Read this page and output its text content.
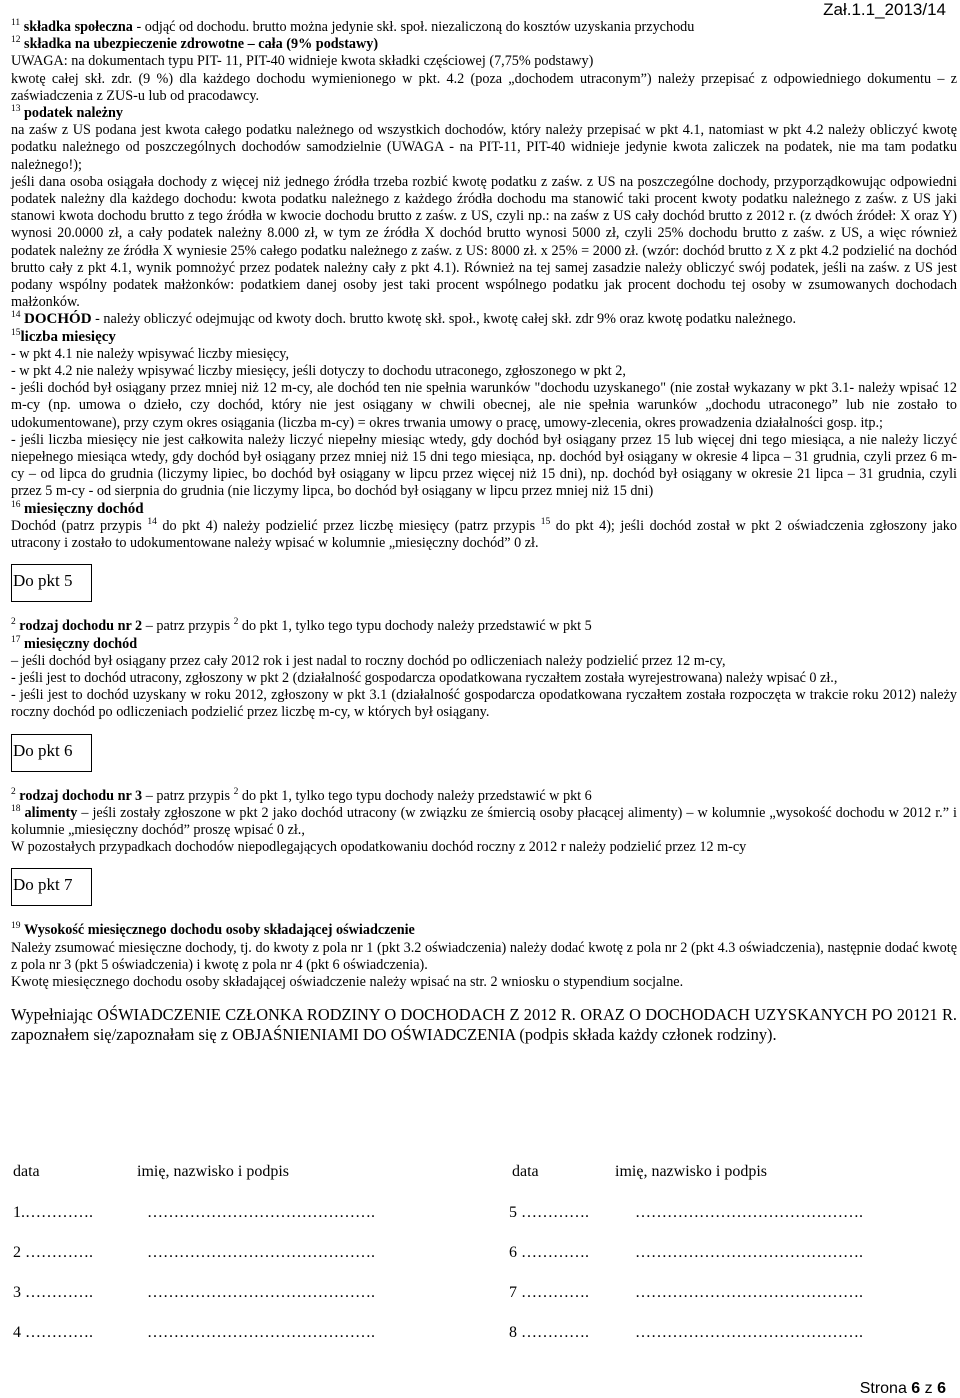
Zał.1.1_2013/14

$^{11}$ składka społeczna - odjąć od dochodu. brutto można jedynie skł. społ. niezaliczoną do kosztów uzyskania przychodu

$^{12}$ składka na ubezpieczenie zdrowotne – cała (9% podstawy)

UWAGA: na dokumentach typu PIT- 11, PIT-40 widnieje kwota składki częściowej (7,75% podstawy)

kwotę całej skł. zdr. (9 %) dla każdego dochodu wymienionego w pkt. 4.2 (poza „dochodem utraconym”) należy przepisać z odpowiedniego dokumentu – z zaświadczenia z ZUS-u lub od pracodawcy.

$^{13}$ podatek należny

na zaśw z US podana jest kwota całego podatku należnego od wszystkich dochodów, który należy przepisać w pkt 4.1, natomiast w pkt 4.2 należy obliczyć kwotę podatku należnego od poszczególnych dochodów samodzielnie (UWAGA - na PIT-11, PIT-40 widnieje jedynie kwota zaliczek na podatek, nie ma tam podatku należnego!);

jeśli dana osoba osiągała dochody z więcej niż jednego źródła trzeba rozbić kwotę podatku z zaśw. z US na poszczególne dochody, przyporządkowując odpowiedni podatek należny dla każdego dochodu: kwota podatku należnego z każdego źródła dochodu ma stanowić taki procent kwoty podatku należnego z zaśw. z US jaki stanowi kwota dochodu brutto z tego źródła w kwocie dochodu brutto z zaśw. z US, czyli np.: na zaśw z US cały dochód brutto z 2012 r. (z dwóch źródeł: X oraz Y) wynosi 20.0000 zł, a cały podatek należny 8.000 zł, w tym ze źródła X dochód brutto wynosi 5000 zł, czyli 25% dochodu brutto z zaśw. z US, a więc również podatek należny ze źródła X wyniesie 25% całego podatku należnego z zaśw. z US: 8000 zł. x 25% = 2000 zł. (wzór: dochód brutto z X z pkt 4.2 podzielić na dochód brutto cały z pkt 4.1, wynik pomnożyć przez podatek należny cały z pkt 4.1). Również na tej samej zasadzie należy obliczyć swój podatek, jeśli na zaśw. z US jest podany wspólny podatek małżonków: podatkiem danej osoby jest taki procent wspólnego podatku jak procent dochodu tej osoby w zsumowanych dochodach małżonków.

$^{14}$ DOCHÓD - należy obliczyć odejmując od kwoty doch. brutto kwotę skł. społ., kwotę całej skł. zdr 9% oraz kwotę podatku należnego.

$^{15}$liczba miesięcy

- w pkt 4.1 nie należy wpisywać liczby miesięcy,

- w pkt 4.2 nie należy wpisywać liczby miesięcy, jeśli dotyczy to dochodu utraconego, zgłoszonego w pkt 2,

- jeśli dochód był osiągany przez mniej niż 12 m-cy, ale dochód ten nie spełnia warunków "dochodu uzyskanego" (nie został wykazany w pkt 3.1- należy wpisać 12 m-cy (np. umowa o dzieło, czy dochód, który nie jest osiągany w chwili obecnej, ale nie spełnia warunków „dochodu utraconego” lub nie zostało to udokumentowane), przy czym okres osiągania (liczba m-cy) = okres trwania umowy o pracę, umowy-zlecenia, okres prowadzenia działalności gosp. itp.;

- jeśli liczba miesięcy nie jest całkowita należy liczyć niepełny miesiąc wtedy, gdy dochód był osiągany przez 15 lub więcej dni tego miesiąca, a nie należy liczyć niepełnego miesiąca wtedy, gdy dochód był osiągany przez mniej niż 15 dni tego miesiąca, np. dochód był osiągany w okresie 4 lipca – 31 grudnia, czyli przez 6 m-cy – od lipca do grudnia (liczymy lipiec, bo dochód był osiągany w lipcu przez więcej niż 15 dni), np. dochód był osiągany w okresie 21 lipca – 31 grudnia, czyli przez 5 m-cy - od sierpnia do grudnia (nie liczymy lipca, bo dochód był osiągany w lipcu przez mniej niż 15 dni)

$^{16}$ miesięczny dochód

Dochód (patrz przypis $^{14}$ do pkt 4) należy podzielić przez liczbę miesięcy (patrz przypis $^{15}$ do pkt 4); jeśli dochód został w pkt 2 oświadczenia zgłoszony jako utracony i zostało to udokumentowane należy wpisać w kolumnie „miesięczny dochód” 0 zł.

Do pkt 5

$^2$ rodzaj dochodu nr 2 – patrz przypis $^2$ do pkt 1, tylko tego typu dochody należy przedstawić w pkt 5

$^{17}$ miesięczny dochód

– jeśli dochód był osiągany przez cały 2012 rok i jest nadal to roczny dochód po odliczeniach należy podzielić przez 12 m-cy,

- jeśli jest to dochód utracony, zgłoszony w pkt 2 (działalność gospodarcza opodatkowana ryczałtem została wyrejestrowana) należy wpisać 0 zł.,

- jeśli jest to dochód uzyskany w roku 2012, zgłoszony w pkt 3.1 (działalność gospodarcza opodatkowana ryczałtem została rozpoczęta w trakcie roku 2012) należy roczny dochód po odliczeniach podzielić przez liczbę m-cy, w których był osiągany.

Do pkt 6

$^2$ rodzaj dochodu nr 3 – patrz przypis $^2$ do pkt 1, tylko tego typu dochody należy przedstawić w pkt 6

$^{18}$ alimenty – jeśli zostały zgłoszone w pkt 2 jako dochód utracony (w związku ze śmiercią osoby płacącej alimenty) – w kolumnie „wysokość dochodu w 2012 r.” i kolumnie „miesięczny dochód” proszę wpisać 0 zł.,

W pozostałych przypadkach dochodów niepodlegających opodatkowaniu dochód roczny z 2012 r należy podzielić przez 12 m-cy

Do pkt 7

$^{19}$ Wysokość miesięcznego dochodu osoby składającej oświadczenie

Należy zsumować miesięczne dochody, tj. do kwoty z pola nr 1 (pkt 3.2 oświadczenia) należy dodać kwotę z pola nr 2 (pkt 4.3 oświadczenia), następnie dodać kwotę z pola nr 3 (pkt 5 oświadczenia) i kwotę z pola nr 4 (pkt 6 oświadczenia).

Kwotę miesięcznego dochodu osoby składającej oświadczenie należy wpisać na str. 2 wniosku o stypendium socjalne.

Wypełniając OŚWIADCZENIE CZŁONKA RODZINY O DOCHODACH Z 2012 R. ORAZ O DOCHODACH UZYSKANYCH PO 20121 R. zapoznałem się/zapoznałam się z OBJAŚNIENIAMI DO OŚWIADCZENIA (podpis składa każdy członek rodziny).

data	imię, nazwisko i podpis	data	imię, nazwisko i podpis
1.………….	…………………………………….	5 ………….	…………………………………….
2 ………….	…………………………………….	6 ………….	…………………………………….
3 ………….	…………………………………….	7 ………….	…………………………………….
4 ………….	…………………………………….	8 ………….	…………………………………….
Strona 6 z 6
